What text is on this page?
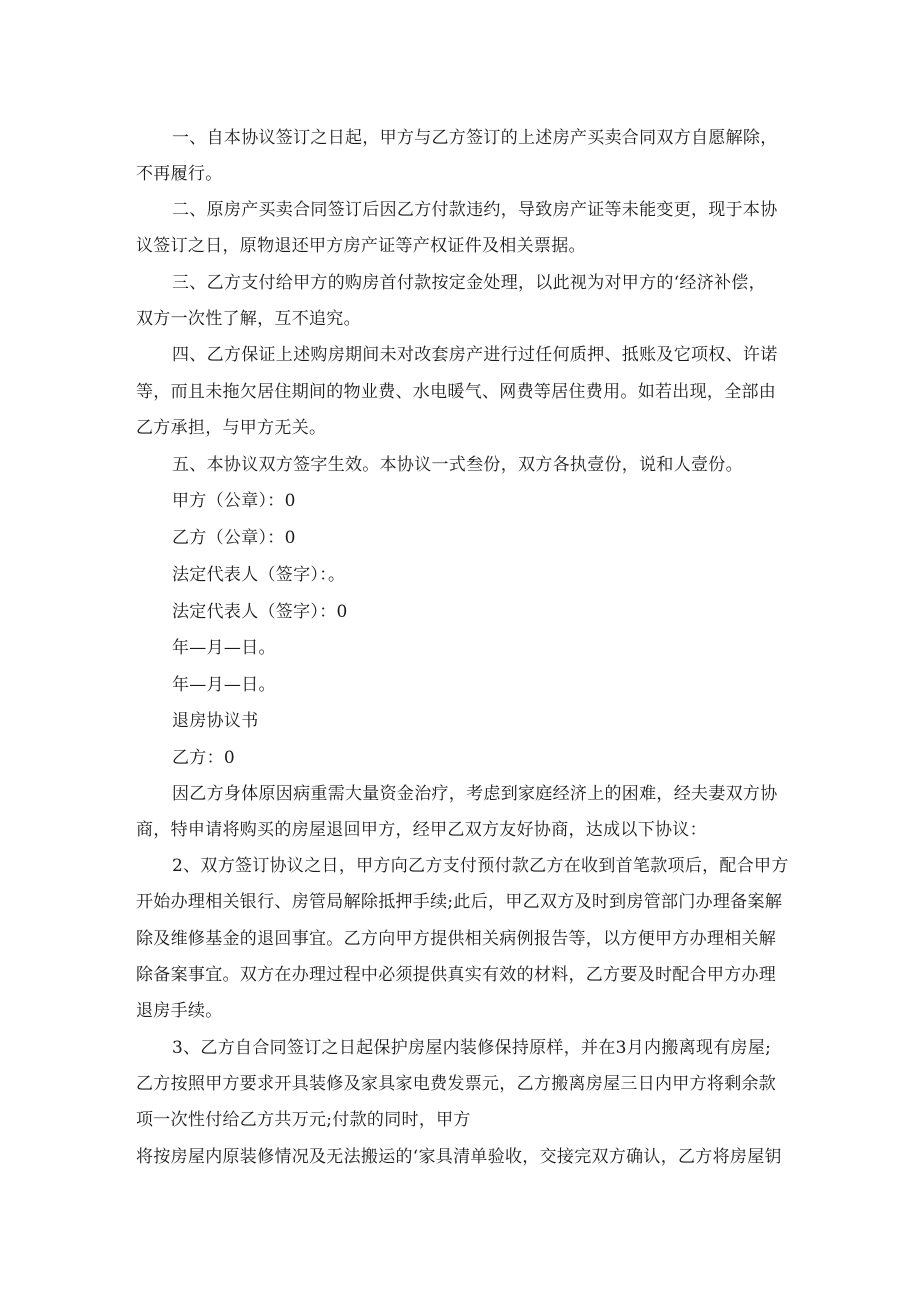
一、自本协议签订之日起，甲方与乙方签订的上述房产买卖合同双方自愿解除，
不再履行。
二、原房产买卖合同签订后因乙方付款违约，导致房产证等未能变更，现于本协
议签订之日，原物退还甲方房产证等产权证件及相关票据。
三、乙方支付给甲方的购房首付款按定金处理，以此视为对甲方的‘经济补偿，
双方一次性了解，互不追究。
四、乙方保证上述购房期间未对改套房产进行过任何质押、抵账及它项权、许诺
等，而且未拖欠居住期间的物业费、水电暖气、网费等居住费用。如若出现，全部由
乙方承担，与甲方无关。
五、本协议双方签字生效。本协议一式叁份，双方各执壹份，说和人壹份。
甲方（公章）：0
乙方（公章）：0
法定代表人（签字）：。
法定代表人（签字）：0
年—月—日。
年—月—日。
退房协议书
乙方：0
因乙方身体原因病重需大量资金治疗，考虑到家庭经济上的困难，经夫妻双方协
商，特申请将购买的房屋退回甲方，经甲乙双方友好协商，达成以下协议：
2、双方签订协议之日，甲方向乙方支付预付款乙方在收到首笔款项后，配合甲方
开始办理相关银行、房管局解除抵押手续;此后，甲乙双方及时到房管部门办理备案解
除及维修基金的退回事宜。乙方向甲方提供相关病例报告等，以方便甲方办理相关解
除备案事宜。双方在办理过程中必须提供真实有效的材料，乙方要及时配合甲方办理
退房手续。
3、乙方自合同签订之日起保护房屋内装修保持原样，并在3月内搬离现有房屋;
乙方按照甲方要求开具装修及家具家电费发票元，乙方搬离房屋三日内甲方将剩余款
项一次性付给乙方共万元;付款的同时，甲方
将按房屋内原装修情况及无法搬运的‘家具清单验收，交接完双方确认，乙方将房屋钥
